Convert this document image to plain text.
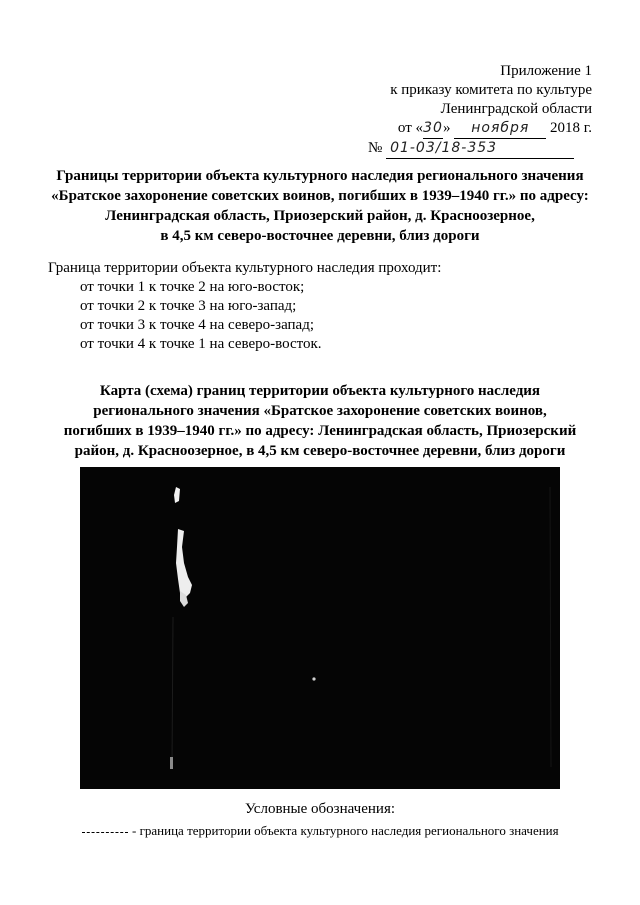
Приложение 1
к приказу комитета по культуре
Ленинградской области
от «30» ноября 2018 г.
№ 01-03/18-353
Границы территории объекта культурного наследия регионального значения
«Братское захоронение советских воинов, погибших в 1939–1940 гг.» по адресу:
Ленинградская область, Приозерский район, д. Красноозерное,
в 4,5 км северо-восточнее деревни, близ дороги
Граница территории объекта культурного наследия проходит:
от точки 1 к точке 2 на юго-восток;
от точки 2 к точке 3 на юго-запад;
от точки 3 к точке 4 на северо-запад;
от точки 4 к точке 1 на северо-восток.
Карта (схема) границ территории объекта культурного наследия
регионального значения «Братское захоронение советских воинов,
погибших в 1939–1940 гг.» по адресу: Ленинградская область, Приозерский
район, д. Красноозерное, в 4,5 км северо-восточнее деревни, близ дороги
Условные обозначения:
- граница территории объекта культурного наследия регионального значения
